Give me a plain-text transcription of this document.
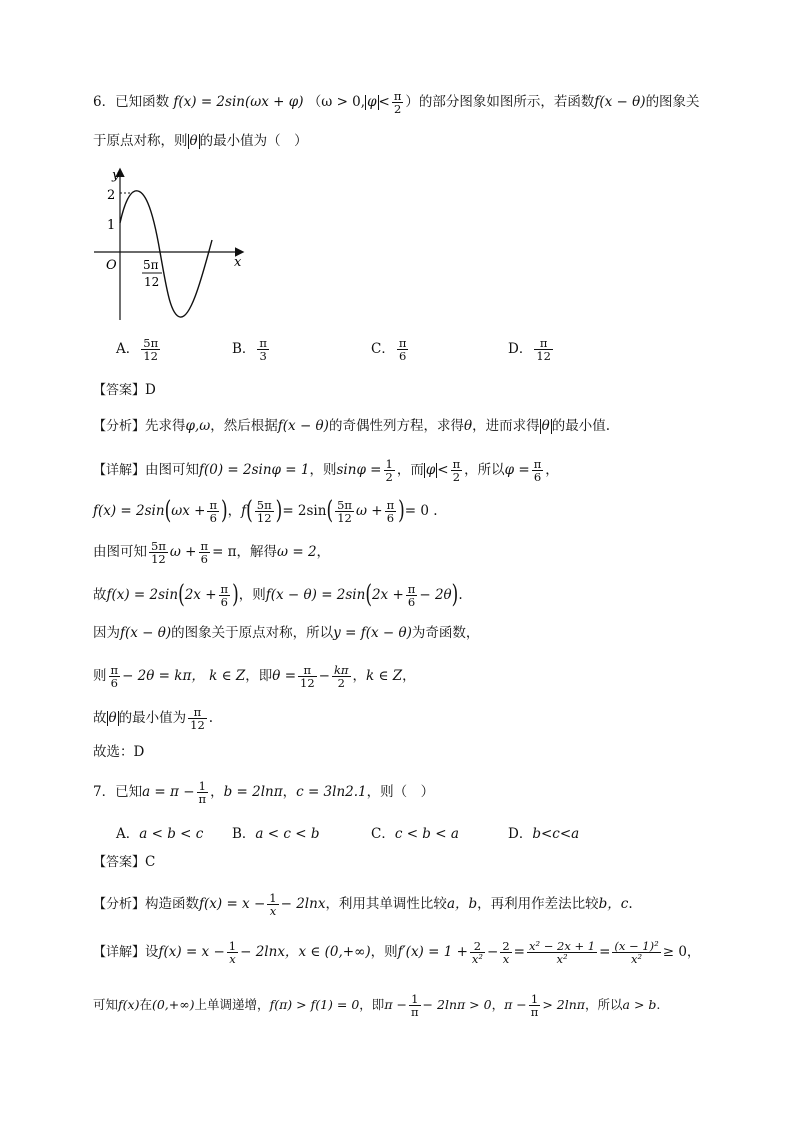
6．已知函数 f(x) = 2sin(ωx + φ) （ω > 0, $\varphi < \frac{\pi}{2}$ ）的部分图象如图所示，若函数f(x − θ)的图象关
于原点对称，则 θ 的最小值为（　）
y
x
O
2
1
5π
12
A． $\frac{5\pi}{12}$	B． $\frac{\pi}{3}$	C． $\frac{\pi}{6}$	D． $\frac{\pi}{12}$
【答案】D
【分析】先求得φ,ω，然后根据f(x − θ)的奇偶性列方程，求得θ，进而求得 θ 的最小值.
【详解】由图可知f(0) = 2sinφ = 1，则$\sin\varphi = \frac{1}{2}$ ，而 $\varphi < \frac{\pi}{2}$ ，所以$\varphi = \frac{\pi}{6}$ ，
$f(x) = 2\sin(\omega x + \frac{\pi}{6}$ )，$f( \frac{5\pi}{12}$ )= $2\sin( \frac{5\pi}{12}$ $\omega + \frac{\pi}{6}$ )= 0 .
由图可知 $\frac{5\pi}{12}$ $\omega + \frac{\pi}{6} = \pi$，解得ω = 2，
故$f(x) = 2\sin(2x + \frac{\pi}{6}$ )，则$f(x - \theta) = 2\sin(2x + \frac{\pi}{6} - 2\theta)$.
因为f(x − θ)的图象关于原点对称，所以y = f(x − θ)为奇函数，
则 $\frac{\pi}{6} - 2\theta = k\pi$， k ∈ Z，即$\theta = \frac{\pi}{12} - \frac{k\pi}{2}$ ，k ∈ Z，
故 θ 的最小值为 $\frac{\pi}{12}$ .
故选：D
7．已知$a = \pi - \frac{1}{\pi}$ ，b = 2lnπ，c = 3ln2.1，则（　）
A．a < b < c B．a < c < b	C．c < b < a	D．b<c<a
【答案】C
【分析】构造函数$f(x) = x - \frac{1}{x} - 2\ln x$，利用其单调性比较a，b，再利用作差法比较b，c.
【详解】设$f(x) = x - \frac{1}{x} - 2\ln x$，x ∈ (0,+∞)，则$f'(x) = 1 + \frac{2}{\text{x²}} - \frac{2}{x} = \frac{\text{x² − 2x + 1}}{\text{x²}} = \frac{\text{(x − 1)²}}{\text{x²}} \ge 0$，
可知f(x)在(0,+∞)上单调递增，f(π) > f(1) = 0，即$\pi - \frac{1}{\pi} - 2\ln\pi > 0$，$\pi - \frac{1}{\pi} > 2\ln\pi$，所以a > b.
